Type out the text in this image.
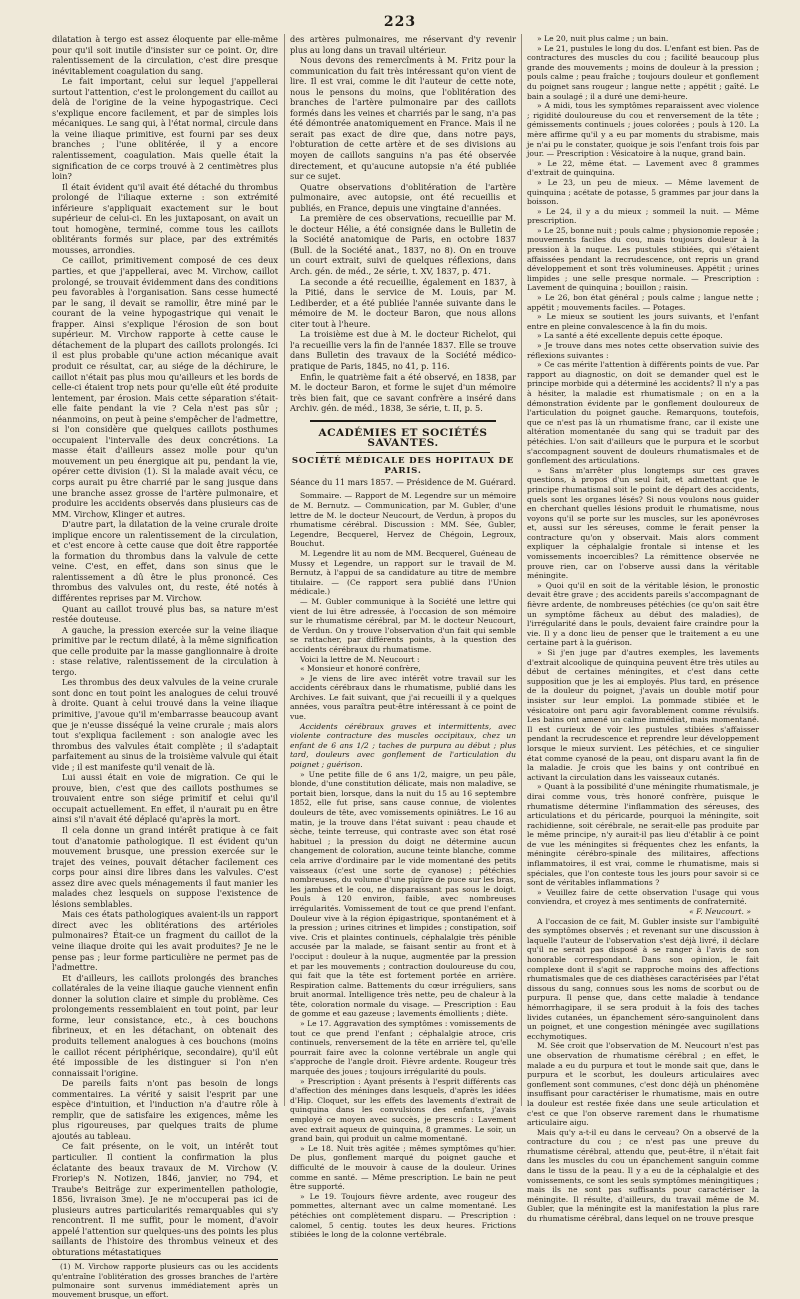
223

dilatation à tergo est assez éloquente par elle-même pour qu'il soit inutile d'insister sur ce point. Or, dire ralentissement de la circulation, c'est dire presque inévitablement coagulation du sang.

Le fait important, celui sur lequel j'appellerai surtout l'attention, c'est le prolongement du caillot au delà de l'origine de la veine hypogastrique. Ceci s'explique encore facilement, et par de simples lois mécaniques. Le sang qui, à l'état normal, circule dans la veine iliaque primitive, est fourni par ses deux branches ; l'une oblitérée, il y a encore ralentissement, coagulation. Mais quelle était la signification de ce corps trouvé à 2 centimètres plus loin?

Il était évident qu'il avait été détaché du thrombus prolongé de l'iliaque externe : son extrémité inférieure s'appliquait exactement sur le bout supérieur de celui-ci. En les juxtaposant, on avait un tout homogène, terminé, comme tous les caillots oblitérants formés sur place, par des extrémités mousses, arrondies.

Ce caillot, primitivement composé de ces deux parties, et que j'appellerai, avec M. Virchow, caillot prolongé, se trouvait évidemment dans des conditions peu favorables à l'organisation. Sans cesse humecté par le sang, il devait se ramollir, être miné par le courant de la veine hypogastrique qui venait le frapper. Ainsi s'explique l'érosion de son bout supérieur. M. Virchow rapporte à cette cause le détachement de la plupart des caillots prolongés. Ici il est plus probable qu'une action mécanique avait produit ce résultat, car, au siége de la déchirure, le caillot n'était pas plus mou qu'ailleurs et les bords de celle-ci étaient trop nets pour qu'elle eût été produite lentement, par érosion. Mais cette séparation s'était-elle faite pendant la vie ? Cela n'est pas sûr ; néanmoins, on peut à peine s'empêcher de l'admettre, si l'on considère que quelques caillots posthumes occupaient l'intervalle des deux concrétions. La masse était d'ailleurs assez molle pour qu'un mouvement un peu énergique ait pu, pendant la vie, opérer cette division (1). Si la malade avait vécu, ce corps aurait pu être charrié par le sang jusque dans une branche assez grosse de l'artère pulmonaire, et produire les accidents observés dans plusieurs cas de MM. Virchow, Klinger et autres.

D'autre part, la dilatation de la veine crurale droite implique encore un ralentissement de la circulation, et c'est encore à cette cause que doit être rapportée la formation du thrombus dans la valvule de cette veine. C'est, en effet, dans son sinus que le ralentissement a dû être le plus prononcé. Ces thrombus des valvules ont, du reste, été notés à différentes reprises par M. Virchow.

Quant au caillot trouvé plus bas, sa nature m'est restée douteuse.

A gauche, la pression exercée sur la veine iliaque primitive par le rectum dilaté, à la même signification que celle produite par la masse ganglionnaire à droite : stase relative, ralentissement de la circulation à tergo.

Les thrombus des deux valvules de la veine crurale sont donc en tout point les analogues de celui trouvé à droite. Quant à celui trouvé dans la veine iliaque primitive, j'avoue qu'il m'embarrasse beaucoup avant que je n'eusse disséqué la veine crurale ; mais alors tout s'expliqua facilement : son analogie avec les thrombus des valvules était complète ; il s'adaptait parfaitement au sinus de la troisième valvule qui était vide ; il est manifeste qu'il venait de là.

Lui aussi était en voie de migration. Ce qui le prouve, bien, c'est que des caillots posthumes se trouvaient entre son siége primitif et celui qu'il occupait actuellement. En effet, il n'aurait pu en être ainsi s'il n'avait été déplacé qu'après la mort.

Il cela donne un grand intérêt pratique à ce fait tout d'anatomie pathologique. Il est évident qu'un mouvement brusque, une pression exercée sur le trajet des veines, pouvait détacher facilement ces corps pour ainsi dire libres dans les valvules. C'est assez dire avec quels ménagements il faut manier les malades chez lesquels on suppose l'existence de lésions semblables.

Mais ces états pathologiques avaient-ils un rapport direct avec les oblitérations des artérioles pulmonaires? Était-ce un fragment du caillot de la veine iliaque droite qui les avait produites? Je ne le pense pas ; leur forme particulière ne permet pas de l'admettre.

Et d'ailleurs, les caillots prolongés des branches collatérales de la veine iliaque gauche viennent enfin donner la solution claire et simple du problème. Ces prolongements ressemblaient en tout point, par leur forme, leur consistance, etc., à ces bouchons fibrineux, et en les détachant, on obtenait des produits tellement analogues à ces bouchons (moins le caillot récent périphérique, secondaire), qu'il eût été impossible de les distinguer si l'on n'en connaissait l'origine.

De pareils faits n'ont pas besoin de longs commentaires. La vérité y saisit l'esprit par une espèce d'intuition, et l'induction n'a d'autre rôle à remplir, que de satisfaire les exigences, même les plus rigoureuses, par quelques traits de plume ajoutés au tableau.

Ce fait présente, on le voit, un intérêt tout particulier. Il contient la confirmation la plus éclatante des beaux travaux de M. Virchow (V. Froriep's N. Notizen, 1846, janvier, no 794, et Traube's Beiträge zur experimentellen pathologie, 1856, livraison 3me). Je ne m'occuperai pas ici de plusieurs autres particularités remarquables qui s'y rencontrent. Il me suffit, pour le moment, d'avoir appelé l'attention sur quelques-uns des points les plus saillants de l'histoire des thrombus veineux et des obturations métastatiques

(1) M. Virchow rapporte plusieurs cas ou les accidents qu'entraîne l'oblitération des grosses branches de l'artère pulmonaire sont survenus immédiatement après un mouvement brusque, un effort.

des artères pulmonaires, me réservant d'y revenir plus au long dans un travail ultérieur.

Nous devons des remercîments à M. Fritz pour la communication du fait très intéressant qu'on vient de lire. Il est vrai, comme le dit l'auteur de cette note, nous le pensons du moins, que l'oblitération des branches de l'artère pulmonaire par des caillots formés dans les veines et charriés par le sang, n'a pas été démontrée anatomiquement en France. Mais il ne serait pas exact de dire que, dans notre pays, l'obturation de cette artère et de ses divisions au moyen de caillots sanguins n'a pas été observée directement, et qu'aucune autopsie n'a été publiée sur ce sujet.

Quatre observations d'oblitération de l'artère pulmonaire, avec autopsie, ont été recueillis et publiés, en France, depuis une vingtaine d'années.

La première de ces observations, recueillie par M. le docteur Hélie, a été consignée dans le Bulletin de la Société anatomique de Paris, en octobre 1837 (Bull. de la Société anat., 1837, no 8). On en trouve un court extrait, suivi de quelques réflexions, dans Arch. gén. de méd., 2e série, t. XV, 1837, p. 471.

La seconde a été recueillie, également en 1837, à la Pitié, dans le service de M. Louis, par M. Lediberder, et a été publiée l'année suivante dans le mémoire de M. le docteur Baron, que nous allons citer tout à l'heure.

La troisième est due à M. le docteur Richelot, qui l'a recueillie vers la fin de l'année 1837. Elle se trouve dans Bulletin des travaux de la Société médico-pratique de Paris, 1845, no 41, p. 116.

Enfin, le quatrième fait a été observé, en 1838, par M. le docteur Baron, et forme le sujet d'un mémoire très bien fait, que ce savant confrère a inséré dans Archiv. gén. de méd., 1838, 3e série, t. II, p. 5.

ACADÉMIES ET SOCIÉTÉS SAVANTES.
SOCIÉTÉ MÉDICALE DES HOPITAUX DE PARIS.
Séance du 11 mars 1857. — Présidence de M. Guérard.

Sommaire. — Rapport de M. Legendre sur un mémoire de M. Bernutz. — Communication, par M. Gubler, d'une lettre de M. le docteur Neucourt, de Verdun, à propos du rhumatisme cérébral. Discussion : MM. Sée, Gubler, Legendre, Becquerel, Hervez de Chégoin, Legroux, Bouchut.

M. Legendre lit au nom de MM. Becquerel, Guéneau de Mussy et Legendre, un rapport sur le travail de M. Bernutz, à l'appui de sa candidature au titre de membre titulaire. — (Ce rapport sera publié dans l'Union médicale.)

— M. Gubler communique à la Société une lettre qui vient de lui être adressée, à l'occasion de son mémoire sur le rhumatisme cérébral, par M. le docteur Neucourt, de Verdun. On y trouve l'observation d'un fait qui semble se rattacher, par différents points, à la question des accidents cérébraux du rhumatisme.

Voici la lettre de M. Neucourt :

« Monsieur et honoré confrère,

» Je viens de lire avec intérêt votre travail sur les accidents cérébraux dans le rhumatisme, publié dans les Archives. Le fait suivant, que j'ai recueilli il y a quelques années, vous paraîtra peut-être intéressant à ce point de vue.

Accidents cérébraux graves et intermittents, avec violente contracture des muscles occipitaux, chez un enfant de 6 ans 1/2 ; taches de purpura au début ; plus tard, douleurs avec gonflement de l'articulation du poignet ; guérison.

» Une petite fille de 6 ans 1/2, maigre, un peu pâle, blonde, d'une constitution délicate, mais non maladive, se portait bien, lorsque, dans la nuit du 15 au 16 septembre 1852, elle fut prise, sans cause connue, de violentes douleurs de tête, avec vomissements opiniâtres. Le 16 au matin, je la trouve dans l'état suivant : peau chaude et sèche, teinte terreuse, qui contraste avec son état rosé habituel ; la pression du doigt ne détermine aucun changement de coloration, aucune teinte blanche, comme cela arrive d'ordinaire par le vide momentané des petits vaisseaux (c'est une sorte de cyanose) ; pétéchies nombreuses, du volume d'une piqûre de puce sur les bras, les jambes et le cou, ne disparaissant pas sous le doigt. Pouls à 120 environ, faible, avec nombreuses irrégularités. Vomissement de tout ce que prend l'enfant. Douleur vive à la région épigastrique, spontanément et à la pression ; urines citrines et limpides ; constipation, soif vive. Cris et plaintes continuels, céphalalgie très pénible accusée par la malade, se faisant sentir au front et à l'occiput : douleur à la nuque, augmentée par la pression et par les mouvements ; contraction douloureuse du cou, qui fait que la tête est fortement portée en arrière. Respiration calme. Battements du cœur irréguliers, sans bruit anormal. Intelligence très nette, peu de chaleur à la tête, coloration normale du visage. — Prescription : Eau de gomme et eau gazeuse ; lavements émollients ; diète.

» Le 17. Aggravation des symptômes : vomissements de tout ce que prend l'enfant ; céphalalgie atroce, cris continuels, renversement de la tête en arrière tel, qu'elle pourrait faire avec la colonne vertébrale un angle qui s'approche de l'angle droit. Fièvre ardente. Rougeur très marquée des joues ; toujours irrégularité du pouls.

» Prescription : Ayant présents à l'esprit différents cas d'affection des méninges dans lesquels, d'après les idées d'Hip. Cloquet, sur les effets des lavements d'extrait de quinquina dans les convulsions des enfants, j'avais employé ce moyen avec succès, je prescris : Lavement avec extrait aqueux de quinquina, 8 grammes. Le soir, un grand bain, qui produit un calme momentané.

» Le 18. Nuit très agitée ; mêmes symptômes qu'hier. De plus, gonflement marqué du poignet gauche et difficulté de le mouvoir à cause de la douleur. Urines comme en santé. — Même prescription. Le bain ne peut être supporté.

» Le 19. Toujours fièvre ardente, avec rougeur des pommettes, alternant avec un calme momentané. Les pétéchies ont complètement disparu. — Prescription : calomel, 5 centig. toutes les deux heures. Frictions stibiées le long de la colonne vertébrale.

» Le 20, nuit plus calme ; un bain.

» Le 21, pustules le long du dos. L'enfant est bien. Pas de contractures des muscles du cou ; facilité beaucoup plus grande des mouvements ; moins de douleur à la pression ; pouls calme ; peau fraîche ; toujours douleur et gonflement du poignet sans rougeur ; langue nette ; appétit ; gaîté. Le bain a soulagé ; il a duré une demi-heure.

» A midi, tous les symptômes reparaissent avec violence ; rigidité douloureuse du cou et renversement de la tête ; gémissements continuels ; joues colorées ; pouls à 120. La mère affirme qu'il y a eu par moments du strabisme, mais je n'ai pu le constater, quoique je sois l'enfant trois fois par jour. — Prescription : Vésicatoire à la nuque, grand bain.

» Le 22, même état. — Lavement avec 8 grammes d'extrait de quinquina.

» Le 23, un peu de mieux. — Même lavement de quinquina ; acétate de potasse, 5 grammes par jour dans la boisson.

» Le 24, il y a du mieux ; sommeil la nuit. — Même prescription.

» Le 25, bonne nuit ; pouls calme ; physionomie reposée ; mouvements faciles du cou, mais toujours douleur à la pression à la nuque. Les pustules stibiées, qui s'étaient affaissées pendant la recrudescence, ont repris un grand développement et sont très volumineuses. Appétit ; urines limpides ; une selle presque normale. — Prescription : Lavement de quinquina ; bouillon ; raisin.

» Le 26, bon état général ; pouls calme ; langue nette ; appétit ; mouvements faciles. — Potages.

» Le mieux se soutient les jours suivants, et l'enfant entre en pleine convalescence à la fin du mois.

» La santé a été excellente depuis cette époque.

» Je trouve dans mes notes cette observation suivie des réflexions suivantes :

» Ce cas mérite l'attention à différents points de vue. Par rapport au diagnostic, on doit se demander quel est le principe morbide qui a déterminé les accidents? Il n'y a pas à hésiter, la maladie est rhumatismale ; on en a la démonstration évidente par le gonflement douloureux de l'articulation du poignet gauche. Remarquons, toutefois, que ce n'est pas là un rhumatisme franc, car il existe une altération momentanée du sang qui se traduit par des pétéchies. L'on sait d'ailleurs que le purpura et le scorbut s'accompagnent souvent de douleurs rhumatismales et de gonflement des articulations.

» Sans m'arrêter plus longtemps sur ces graves questions, à propos d'un seul fait, et admettant que le principe rhumatismal soit le point de départ des accidents, quels sont les organes lésés? Si nous voulons nous guider en cherchant quelles lésions produit le rhumatisme, nous voyons qu'il se porte sur les muscles, sur les aponévroses et, aussi sur les séreuses, comme le ferait penser la contracture qu'on y observait. Mais alors comment expliquer la céphalalgie frontale si intense et les vomissements incoercibles? La rémittence observée ne prouve rien, car on l'observe aussi dans la véritable méningite.

» Quoi qu'il en soit de la véritable lésion, le pronostic devait être grave ; des accidents pareils s'accompagnant de fièvre ardente, de nombreuses pétéchies (ce qu'on sait être un symptôme fâcheux au début des maladies), de l'irrégularité dans le pouls, devaient faire craindre pour la vie. Il y a donc lieu de penser que le traitement a eu une certaine part à la guérison.

» Si j'en juge par d'autres exemples, les lavements d'extrait alcoolique de quinquina peuvent être très utiles au début de certaines méningites, et c'est dans cette supposition que je les ai employés. Plus tard, en présence de la douleur du poignet, j'avais un double motif pour insister sur leur emploi. La pommade stibiée et le vésicatoire ont paru agir favorablement comme révulsifs. Les bains ont amené un calme immédiat, mais momentané. Il est curieux de voir les pustules stibiées s'affaisser pendant la recrudescence et reprendre leur développement lorsque le mieux survient. Les pétéchies, et ce singulier état comme cyanosé de la peau, ont disparu avant la fin de la maladie. Je crois que les bains y ont contribué en activant la circulation dans les vaisseaux cutanés.

» Quant à la possibilité d'une méningite rhumatismale, je dirai comme vous, très honoré confrère, puisque le rhumatisme détermine l'inflammation des séreuses, des articulations et du péricarde, pourquoi la méningite, soit rachidienne, soit cérébrale, ne serait-elle pas produite par le même principe, n'y aurait-il pas lieu d'établir à ce point de vue les méningites si fréquentes chez les enfants, la méningite cérébro-spinale des militaires, affections inflammatoires, il est vrai, comme le rhumatisme, mais si spéciales, que l'on conteste tous les jours pour savoir si ce sont de véritables inflammations ?

» Veuillez faire de cette observation l'usage qui vous conviendra, et croyez à mes sentiments de confraternité.

« F. Neucourt. »

A l'occasion de ce fait, M. Gubler insiste sur l'ambiguïté des symptômes observés ; et revenant sur une discussion à laquelle l'auteur de l'observation s'est déjà livré, il déclare qu'il ne serait pas disposé à se ranger à l'avis de son honorable correspondant. Dans son opinion, le fait complexe dont il s'agit se rapproche moins des affections rhumatismales que de ces diathèses caractérisées par l'état dissous du sang, connues sous les noms de scorbut ou de purpura. Il pense que, dans cette maladie à tendance hémorrhagipare, il se sera produit à la fois des taches livides cutanées, un épanchement séro-sanguinolent dans un poignet, et une congestion méningée avec sugillations ecchymotiques.

M. Sée croit que l'observation de M. Neucourt n'est pas une observation de rhumatisme cérébral ; en effet, le malade a eu du purpura et tout le monde sait que, dans le purpura et le scorbut, les douleurs articulaires avec gonflement sont communes, c'est donc déjà un phénomène insuffisant pour caractériser le rhumatisme, mais en outre la douleur est restée fixée dans une seule articulation et c'est ce que l'on observe rarement dans le rhumatisme articulaire aigu.

Mais qu'y a-t-il eu dans le cerveau? On a observé de la contracture du cou ; ce n'est pas une preuve du rhumatisme cérébral, attendu que, peut-être, il n'était fait dans les muscles du cou un épanchement sanguin comme dans le tissu de la peau. Il y a eu de la céphalalgie et des vomissements, ce sont les seuls symptômes méningitiques ; mais ils ne sont pas suffisants pour caractériser la méningite. Il résulte, d'ailleurs, du travail même de M. Gubler, que la méningite est la manifestation la plus rare du rhumatisme cérébral, dans lequel on ne trouve presque
